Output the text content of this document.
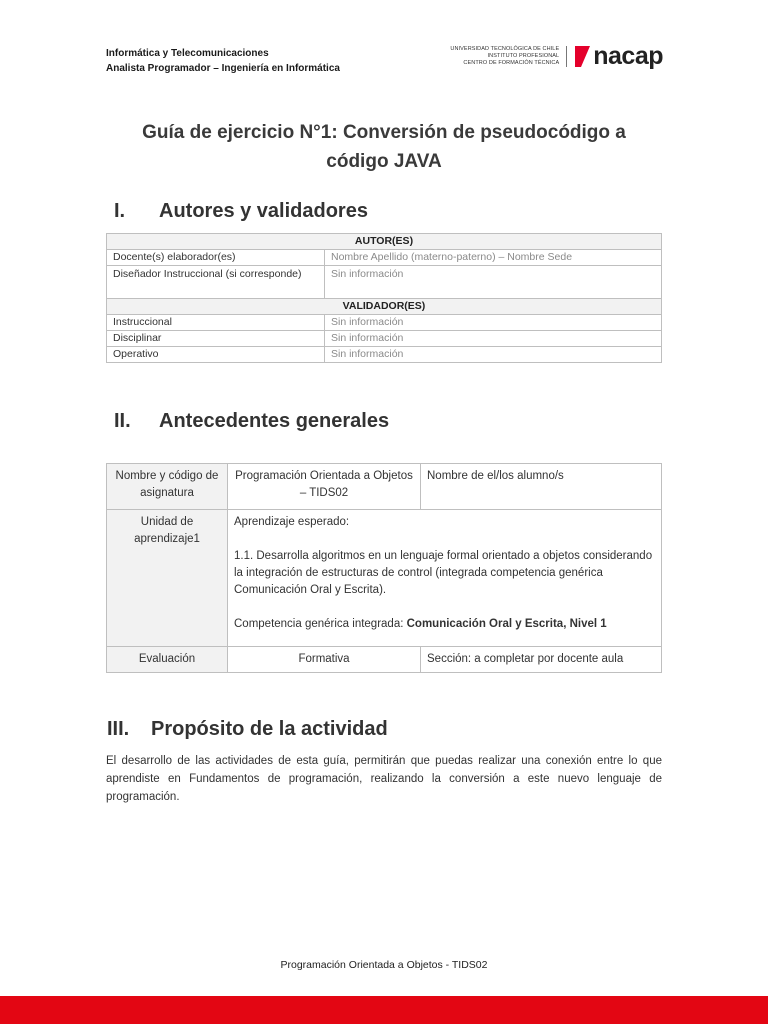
Informática y Telecomunicaciones
Analista Programador – Ingeniería en Informática
UNIVERSIDAD TECNOLÓGICA DE CHILE
INSTITUTO PROFESIONAL
CENTRO DE FORMACIÓN TÉCNICA nacap
Guía de ejercicio N°1: Conversión de pseudocódigo a
código JAVA
I.	Autores y validadores
AUTOR(ES)	
Docente(s) elaborador(es)	Nombre Apellido (materno-paterno) – Nombre Sede
Diseñador Instruccional (si corresponde)	Sin información
VALIDADOR(ES)	
Instruccional	Sin información
Disciplinar	Sin información
Operativo	Sin información
II.	Antecedentes generales
Nombre y código de asignatura	Programación Orientada a Objetos – TIDS02	Nombre de el/los alumno/s
Unidad de aprendizaje1	Aprendizaje esperado:

1.1. Desarrolla algoritmos en un lenguaje formal orientado a objetos considerando la integración de estructuras de control (integrada competencia genérica Comunicación Oral y Escrita).

Competencia genérica integrada: Comunicación Oral y Escrita, Nivel 1	

Evaluación	Formativa	Sección: a completar por docente aula
III.	Propósito de la actividad
El desarrollo de las actividades de esta guía, permitirán que puedas realizar una conexión entre lo que aprendiste en Fundamentos de programación, realizando la conversión a este nuevo lenguaje de programación.
Programación Orientada a Objetos - TIDS02
